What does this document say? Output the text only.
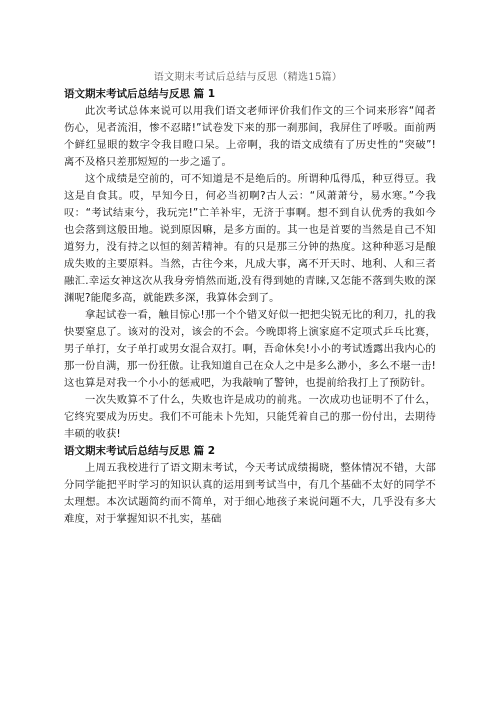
语文期末考试后总结与反思（精选15篇）
语文期末考试后总结与反思 篇 1

此次考试总体来说可以用我们语文老师评价我们作文的三个词来形容“闻者伤心，见者流泪，惨不忍睹!”试卷发下来的那一刹那间，我屏住了呼吸。面前两个鲜红显眼的数字令我目瞪口呆。上帝啊，我的语文成绩有了历史性的“突破”!离不及格只差那短短的一步之遥了。

这个成绩是空前的，可不知道是不是绝后的。所谓种瓜得瓜，种豆得豆。我这是自食其。哎，早知今日，何必当初啊?古人云：“风萧萧兮，易水寒。”今我叹：“考试结束兮，我玩完!”亡羊补牢，无济于事啊。想不到自认优秀的我如今也会落到这般田地。说到原因嘛，是多方面的。其一也是首要的当然是自己不知道努力，没有持之以恒的刻苦精神。有的只是那三分钟的热度。这种种恶习是酿成失败的主要原料。当然，古往今来，凡成大事，离不开天时、地利、人和三者融汇.幸运女神这次从我身旁悄然而逝,没有得到她的青睐,又怎能不落到失败的深渊呢?能爬多高，就能跌多深，我算体会到了。

拿起试卷一看，触目惊心!那一个个错叉好似一把把尖锐无比的利刀，扎的我快要窒息了。该对的没对，该会的不会。今晚即将上演家庭不定项式乒乓比赛，男子单打，女子单打或男女混合双打。啊，吾命休矣!小小的考试透露出我内心的那一份自满，那一份狂傲。让我知道自己在众人之中是多么渺小，多么不堪一击!这也算是对我一个小小的惩戒吧，为我敲响了警钟，也提前给我打上了预防针。

一次失败算不了什么，失败也许是成功的前兆。一次成功也证明不了什么，它终究要成为历史。我们不可能未卜先知，只能凭着自己的那一份付出，去期待丰硕的收获!

语文期末考试后总结与反思 篇 2

上周五我校进行了语文期末考试，今天考试成绩揭晓，整体情况不错，大部分同学能把平时学习的知识认真的运用到考试当中，有几个基础不太好的同学不太理想。本次试题简约而不简单，对于细心地孩子来说问题不大，几乎没有多大难度，对于掌握知识不扎实，基础
